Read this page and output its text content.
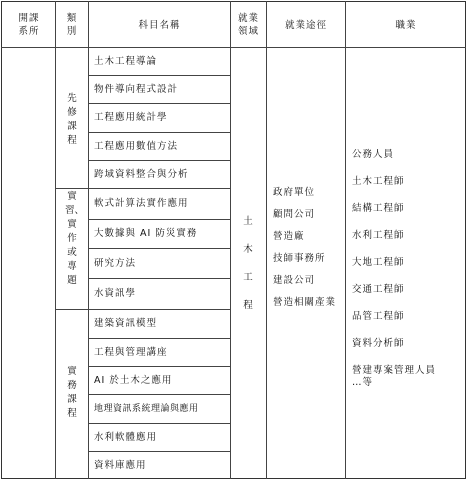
開課
系所
類
別
科目名稱
就業
領域
就業途徑	職業
先修課程
實習、實作或專題
實務課程
土木工程導論
物件導向程式設計
工程應用統計學
工程應用數值方法
跨域資料整合與分析
軟式計算法實作應用
大數據與 AI 防災實務
研究方法
水資訊學
建築資訊模型
工程與管理講座
AI 於土木之應用
地理資訊系統理論與應用
水利軟體應用
資料庫應用
土木工程
政府單位
顧問公司
營造廠
技師事務所
建設公司
營造相關產業
公務人員
土木工程師
結構工程師
水利工程師
大地工程師
交通工程師
品管工程師
資料分析師
營建專案管理人員
…等
